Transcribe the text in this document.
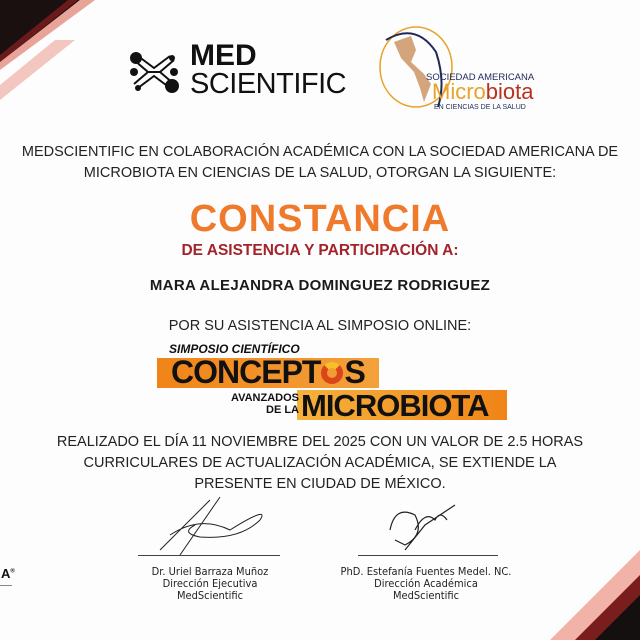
MED
SCIENTIFIC	SOCIEDAD AMERICANA
Microbiota
EN CIENCIAS DE LA SALUD
MEDSCIENTIFIC EN COLABORACIÓN ACADÉMICA CON LA SOCIEDAD AMERICANA DE
MICROBIOTA EN CIENCIAS DE LA SALUD, OTORGAN LA SIGUIENTE:
CONSTANCIA
DE ASISTENCIA Y PARTICIPACIÓN A:
MARA ALEJANDRA DOMINGUEZ RODRIGUEZ
POR SU ASISTENCIA AL SIMPOSIO ONLINE:
SIMPOSIO CIENTÍFICO
CONCEPT S
AVANZADOS
DE LA MICROBIOTA
REALIZADO EL DÍA 11 NOVIEMBRE DEL 2025 CON UN VALOR DE 2.5 HORAS
CURRICULARES DE ACTUALIZACIÓN ACADÉMICA, SE EXTIENDE LA
PRESENTE EN CIUDAD DE MÉXICO.
Dr. Uriel Barraza Muñoz
Dirección Ejecutiva
MedScientific
PhD. Estefanía Fuentes Medel. NC.
Dirección Académica
MedScientific
A®
